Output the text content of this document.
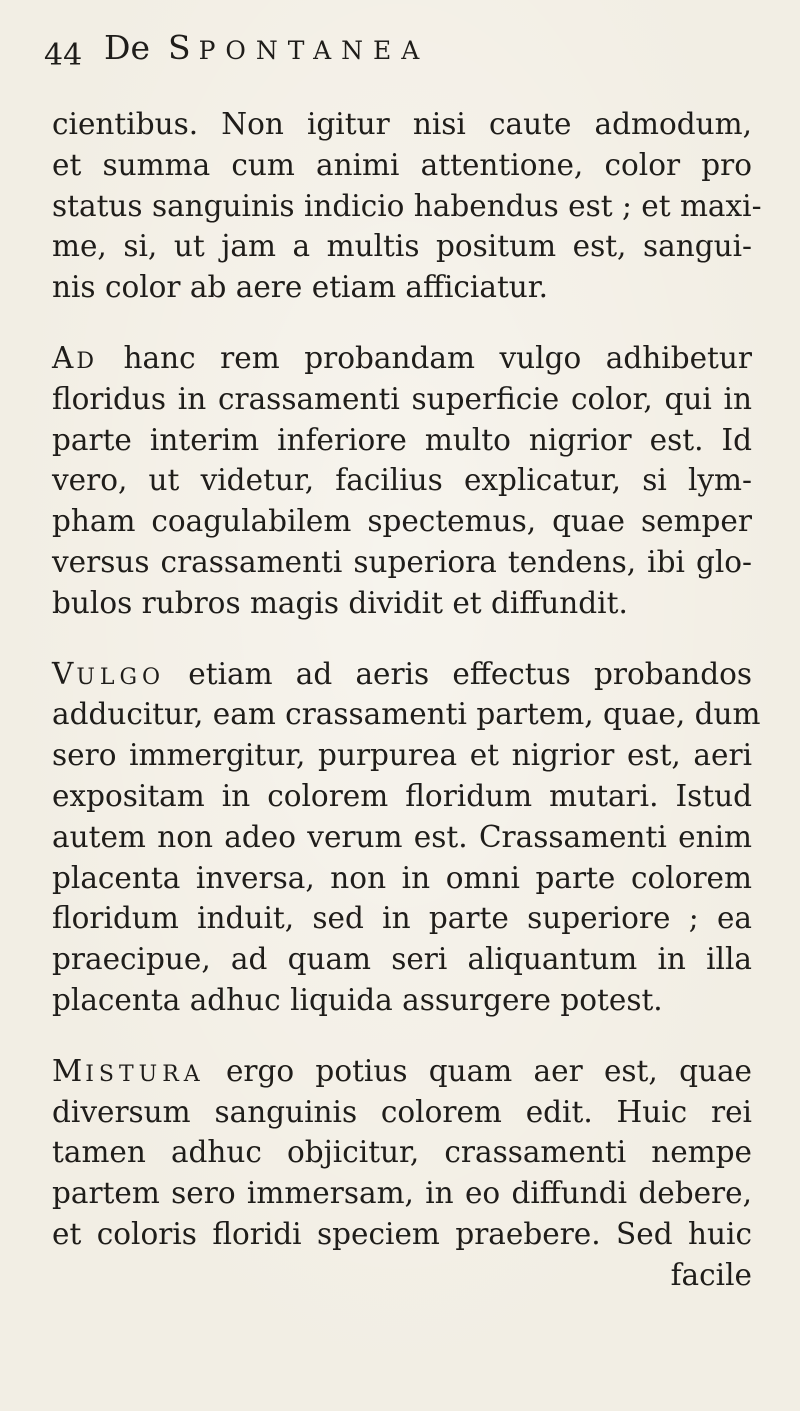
44 De SPONTANEA
cientibus. Non igitur nisi caute admodum,
et summa cum animi attentione, color pro
status sanguinis indicio habendus est ; et maxi-
me, si, ut jam a multis positum est, sangui-
nis color ab aere etiam afficiatur.
AD hanc rem probandam vulgo adhibetur
floridus in crassamenti superficie color, qui in
parte interim inferiore multo nigrior est. Id
vero, ut videtur, facilius explicatur, si lym-
pham coagulabilem spectemus, quae semper
versus crassamenti superiora tendens, ibi glo-
bulos rubros magis dividit et diffundit.
VULGO etiam ad aeris effectus probandos
adducitur, eam crassamenti partem, quae, dum
sero immergitur, purpurea et nigrior est, aeri
expositam in colorem floridum mutari. Istud
autem non adeo verum est. Crassamenti enim
placenta inversa, non in omni parte colorem
floridum induit, sed in parte superiore ; ea
praecipue, ad quam seri aliquantum in illa
placenta adhuc liquida assurgere potest.
MISTURA ergo potius quam aer est, quae
diversum sanguinis colorem edit. Huic rei
tamen adhuc objicitur, crassamenti nempe
partem sero immersam, in eo diffundi debere,
et coloris floridi speciem praebere. Sed huic
facile
